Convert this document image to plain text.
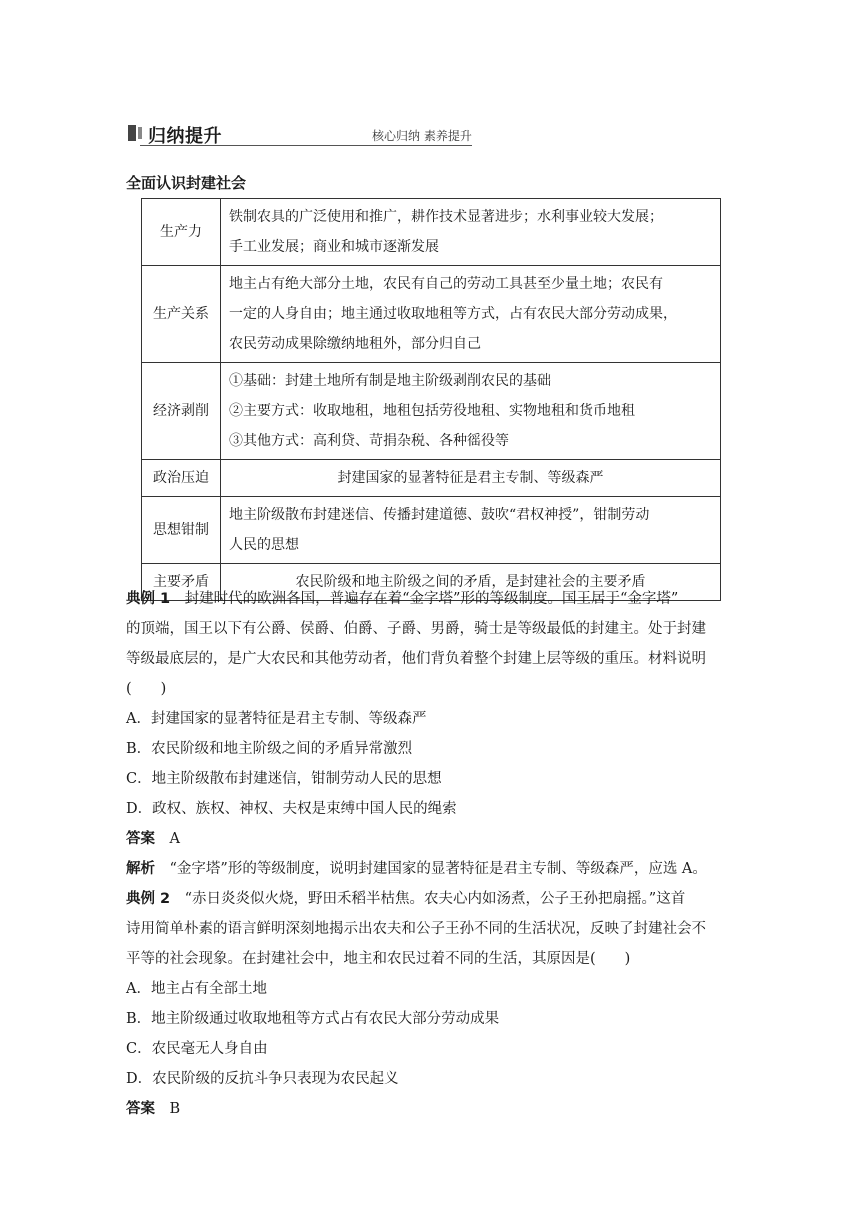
归纳提升	核心归纳 素养提升
全面认识封建社会
生产力	铁制农具的广泛使用和推广，耕作技术显著进步；水利事业较大发展；
手工业发展；商业和城市逐渐发展

生产关系	地主占有绝大部分土地，农民有自己的劳动工具甚至少量土地；农民有
一定的人身自由；地主通过收取地租等方式，占有农民大部分劳动成果，
农民劳动成果除缴纳地租外，部分归自己

经济剥削	①基础：封建土地所有制是地主阶级剥削农民的基础
②主要方式：收取地租，地租包括劳役地租、实物地租和货币地租
③其他方式：高利贷、苛捐杂税、各种徭役等

政治压迫	封建国家的显著特征是君主专制、等级森严

思想钳制	地主阶级散布封建迷信、传播封建道德、鼓吹“君权神授”，钳制劳动
人民的思想

主要矛盾	农民阶级和地主阶级之间的矛盾，是封建社会的主要矛盾
典例 1　 封建时代的欧洲各国，普遍存在着“金字塔”形的等级制度。国王居于“金字塔”
的顶端，国王以下有公爵、侯爵、伯爵、子爵、男爵，骑士是等级最低的封建主。处于封建
等级最底层的，是广大农民和其他劳动者，他们背负着整个封建上层等级的重压。材料说明
(　　)
A．封建国家的显著特征是君主专制、等级森严
B．农民阶级和地主阶级之间的矛盾异常激烈
C．地主阶级散布封建迷信，钳制劳动人民的思想
D．政权、族权、神权、夫权是束缚中国人民的绳索
答案　 A
解析　 “金字塔”形的等级制度，说明封建国家的显著特征是君主专制、等级森严，应选 A。
典例 2　 “赤日炎炎似火烧，野田禾稻半枯焦。农夫心内如汤煮，公子王孙把扇摇。”这首
诗用简单朴素的语言鲜明深刻地揭示出农夫和公子王孙不同的生活状况，反映了封建社会不
平等的社会现象。在封建社会中，地主和农民过着不同的生活，其原因是(　　)
A．地主占有全部土地
B．地主阶级通过收取地租等方式占有农民大部分劳动成果
C．农民毫无人身自由
D．农民阶级的反抗斗争只表现为农民起义
答案　 B
